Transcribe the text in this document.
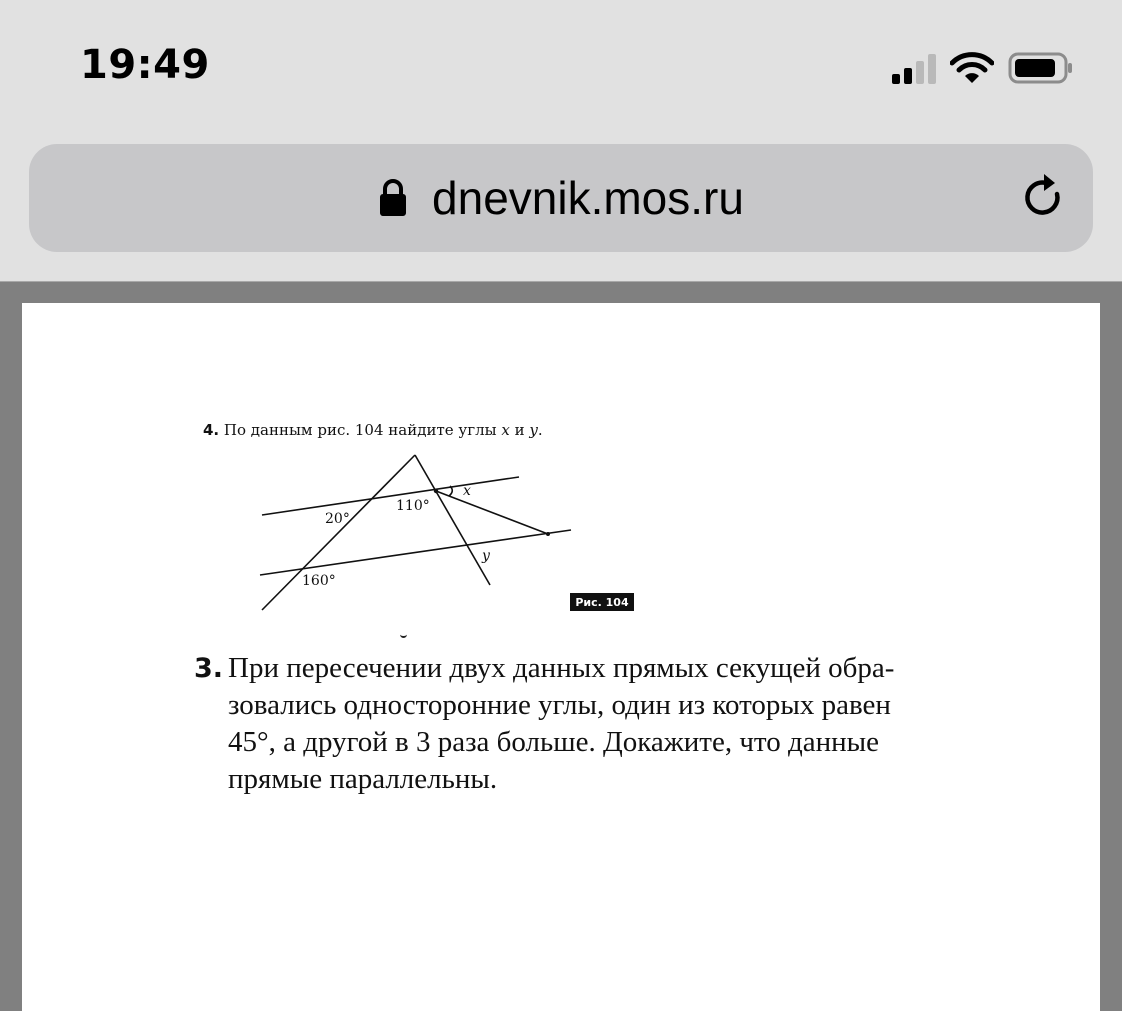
19:49
dnevnik.mos.ru
4. По данным рис. 104 найдите углы x и y.
20°
110°
160°
x
y
Рис. 104
3. При пересечении двух данных прямых секущей обра-
зовались односторонние углы, один из которых равен
45°, а другой в 3 раза больше. Докажите, что данные
прямые параллельны.
